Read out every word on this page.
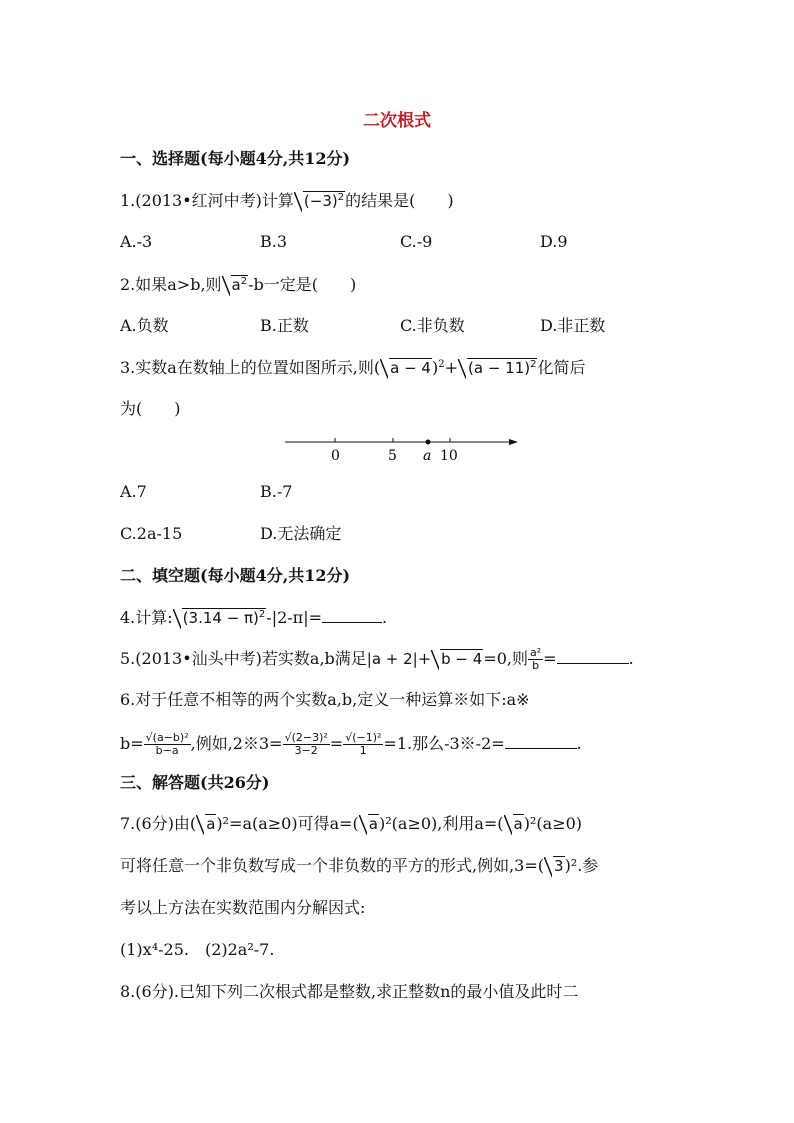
二次根式
一、选择题(每小题4分,共12分)
1.(2013•红河中考)计算 $(-3)^2$的结果是(　　)
A.-3	B.3	C.-9	D.9
2.如果a>b,则 $a^2-b$一定是(　　)
A.负数	B.正数	C.非负数	D.非正数
3.实数a在数轴上的位置如图所示,则( $a - 4)^2+ (a - 11)^2$化简后
为(　　)
0	5 a 10
A.7	B.-7
C.2a-15	D.无法确定
二、填空题(每小题4分,共12分)
4.计算: $(3.14 - \pi)^2-|2-\pi|=$	.
5.(2013•汕头中考)若实数a,b满足|a + 2|+ b − 4=0,则 $\frac{\text{a²}}{b}$ =	.
6.对于任意不相等的两个实数a,b,定义一种运算※如下:a※
$b= \frac{\text{√(a−b)²}}{b-a}$ ,例如,2※3= $\frac{\text{√(2−3)²}}{3-2} = \frac{\text{√(−1)²}}{1} =1$.那么-3※-2=	.
三、解答题(共26分)
7.(6分)由( a)²=a(a≥0)可得a=( a)²(a≥0),利用a=( a)²(a≥0)
可将任意一个非负数写成一个非负数的平方的形式,例如,3=( 3)².参
考以上方法在实数范围内分解因式:
(1)x⁴-25.　(2)2a²-7.
8.(6分).已知下列二次根式都是整数,求正整数n的最小值及此时二
